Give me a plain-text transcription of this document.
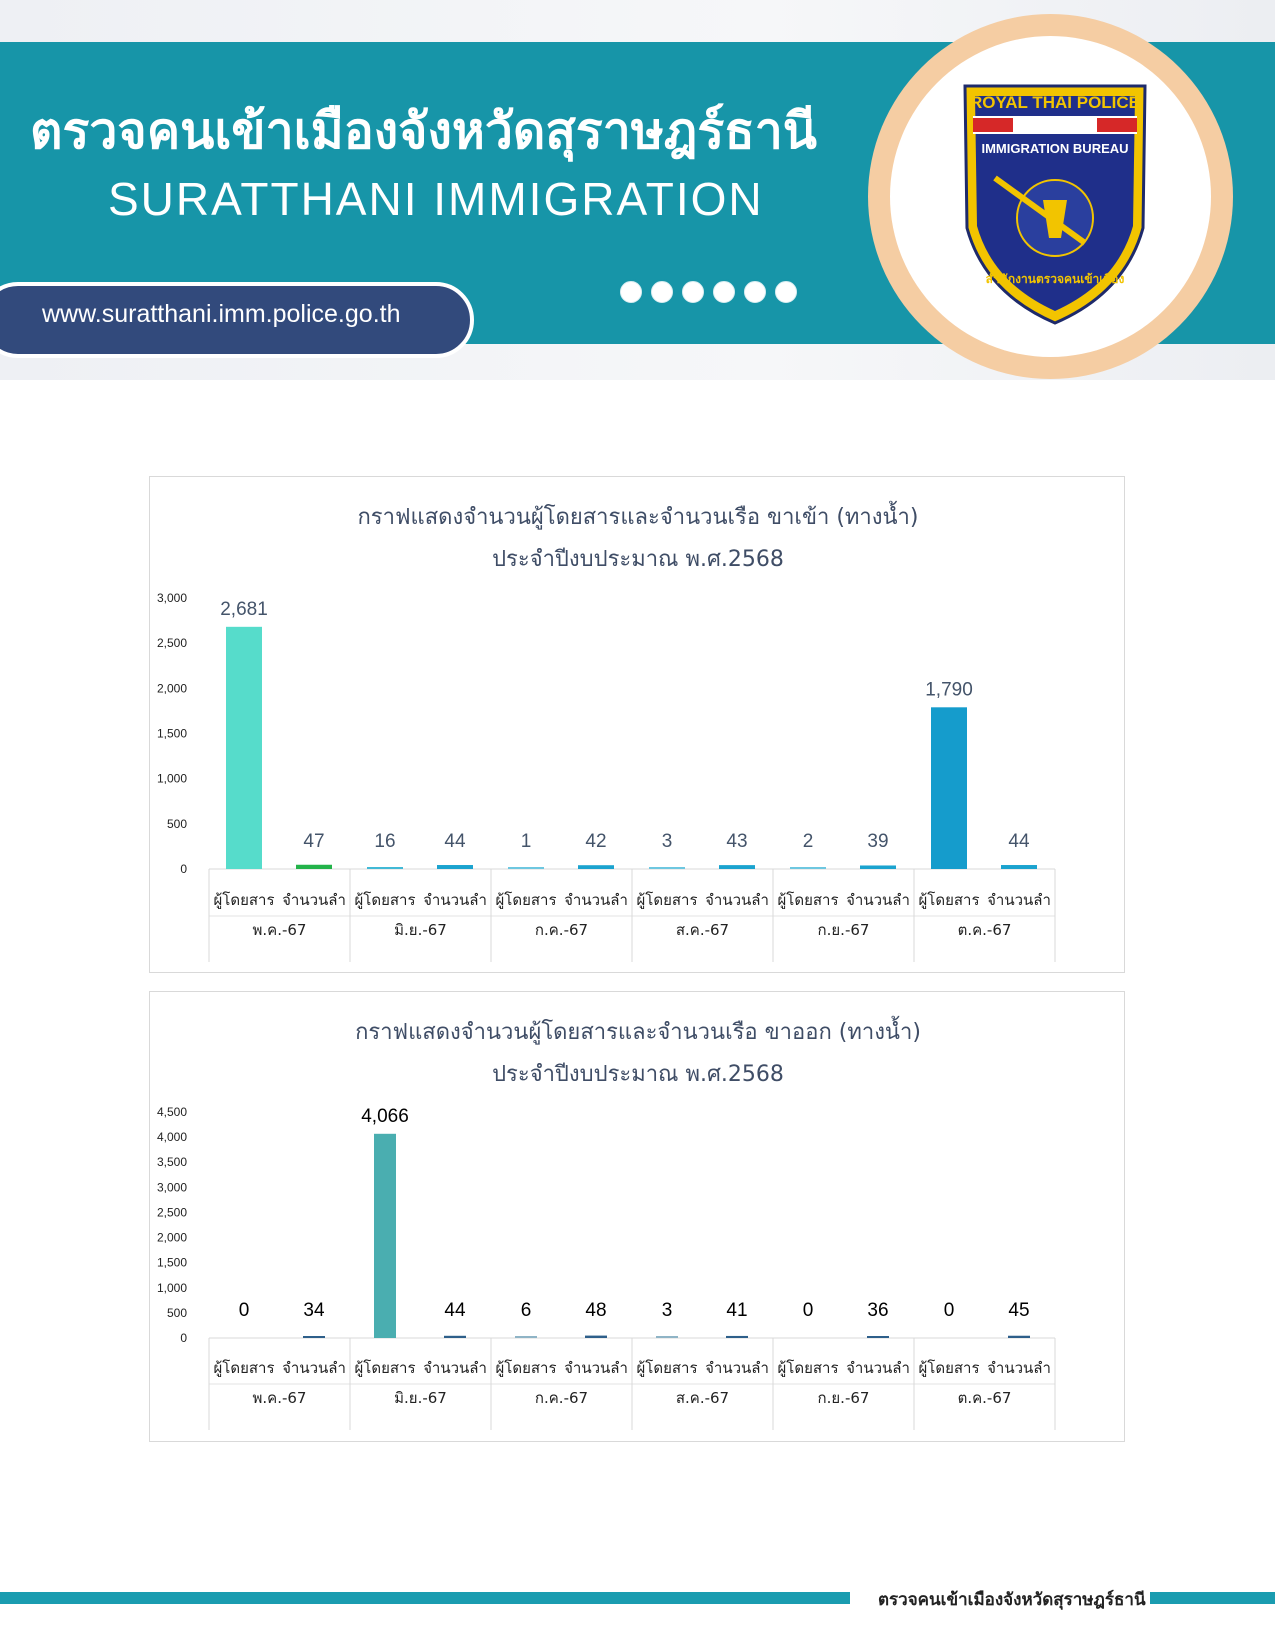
ตรวจคนเข้าเมืองจังหวัดสุราษฎร์ธานี
SURATTHANI IMMIGRATION
www.suratthani.imm.police.go.th
ROYAL THAI POLICE
IMMIGRATION BUREAU
สำนักงานตรวจคนเข้าเมือง
กราฟแสดงจำนวนผู้โดยสารและจำนวนเรือ ขาเข้า (ทางน้ำ)
ประจำปีงบประมาณ พ.ศ.2568
0
500
1,000
1,500
2,000
2,500
3,000
2,681
ผู้โดยสาร
47
จำนวนลำ
พ.ค.-67
16
ผู้โดยสาร
44
จำนวนลำ
มิ.ย.-67
1
ผู้โดยสาร
42
จำนวนลำ
ก.ค.-67
3
ผู้โดยสาร
43
จำนวนลำ
ส.ค.-67
2
ผู้โดยสาร
39
จำนวนลำ
ก.ย.-67
1,790
ผู้โดยสาร
44
จำนวนลำ
ต.ค.-67
กราฟแสดงจำนวนผู้โดยสารและจำนวนเรือ ขาออก (ทางน้ำ)
ประจำปีงบประมาณ พ.ศ.2568
0
500
1,000
1,500
2,000
2,500
3,000
3,500
4,000
4,500
0
ผู้โดยสาร
34
จำนวนลำ
พ.ค.-67
4,066
ผู้โดยสาร
44
จำนวนลำ
มิ.ย.-67
6
ผู้โดยสาร
48
จำนวนลำ
ก.ค.-67
3
ผู้โดยสาร
41
จำนวนลำ
ส.ค.-67
0
ผู้โดยสาร
36
จำนวนลำ
ก.ย.-67
0
ผู้โดยสาร
45
จำนวนลำ
ต.ค.-67
ตรวจคนเข้าเมืองจังหวัดสุราษฎร์ธานี
